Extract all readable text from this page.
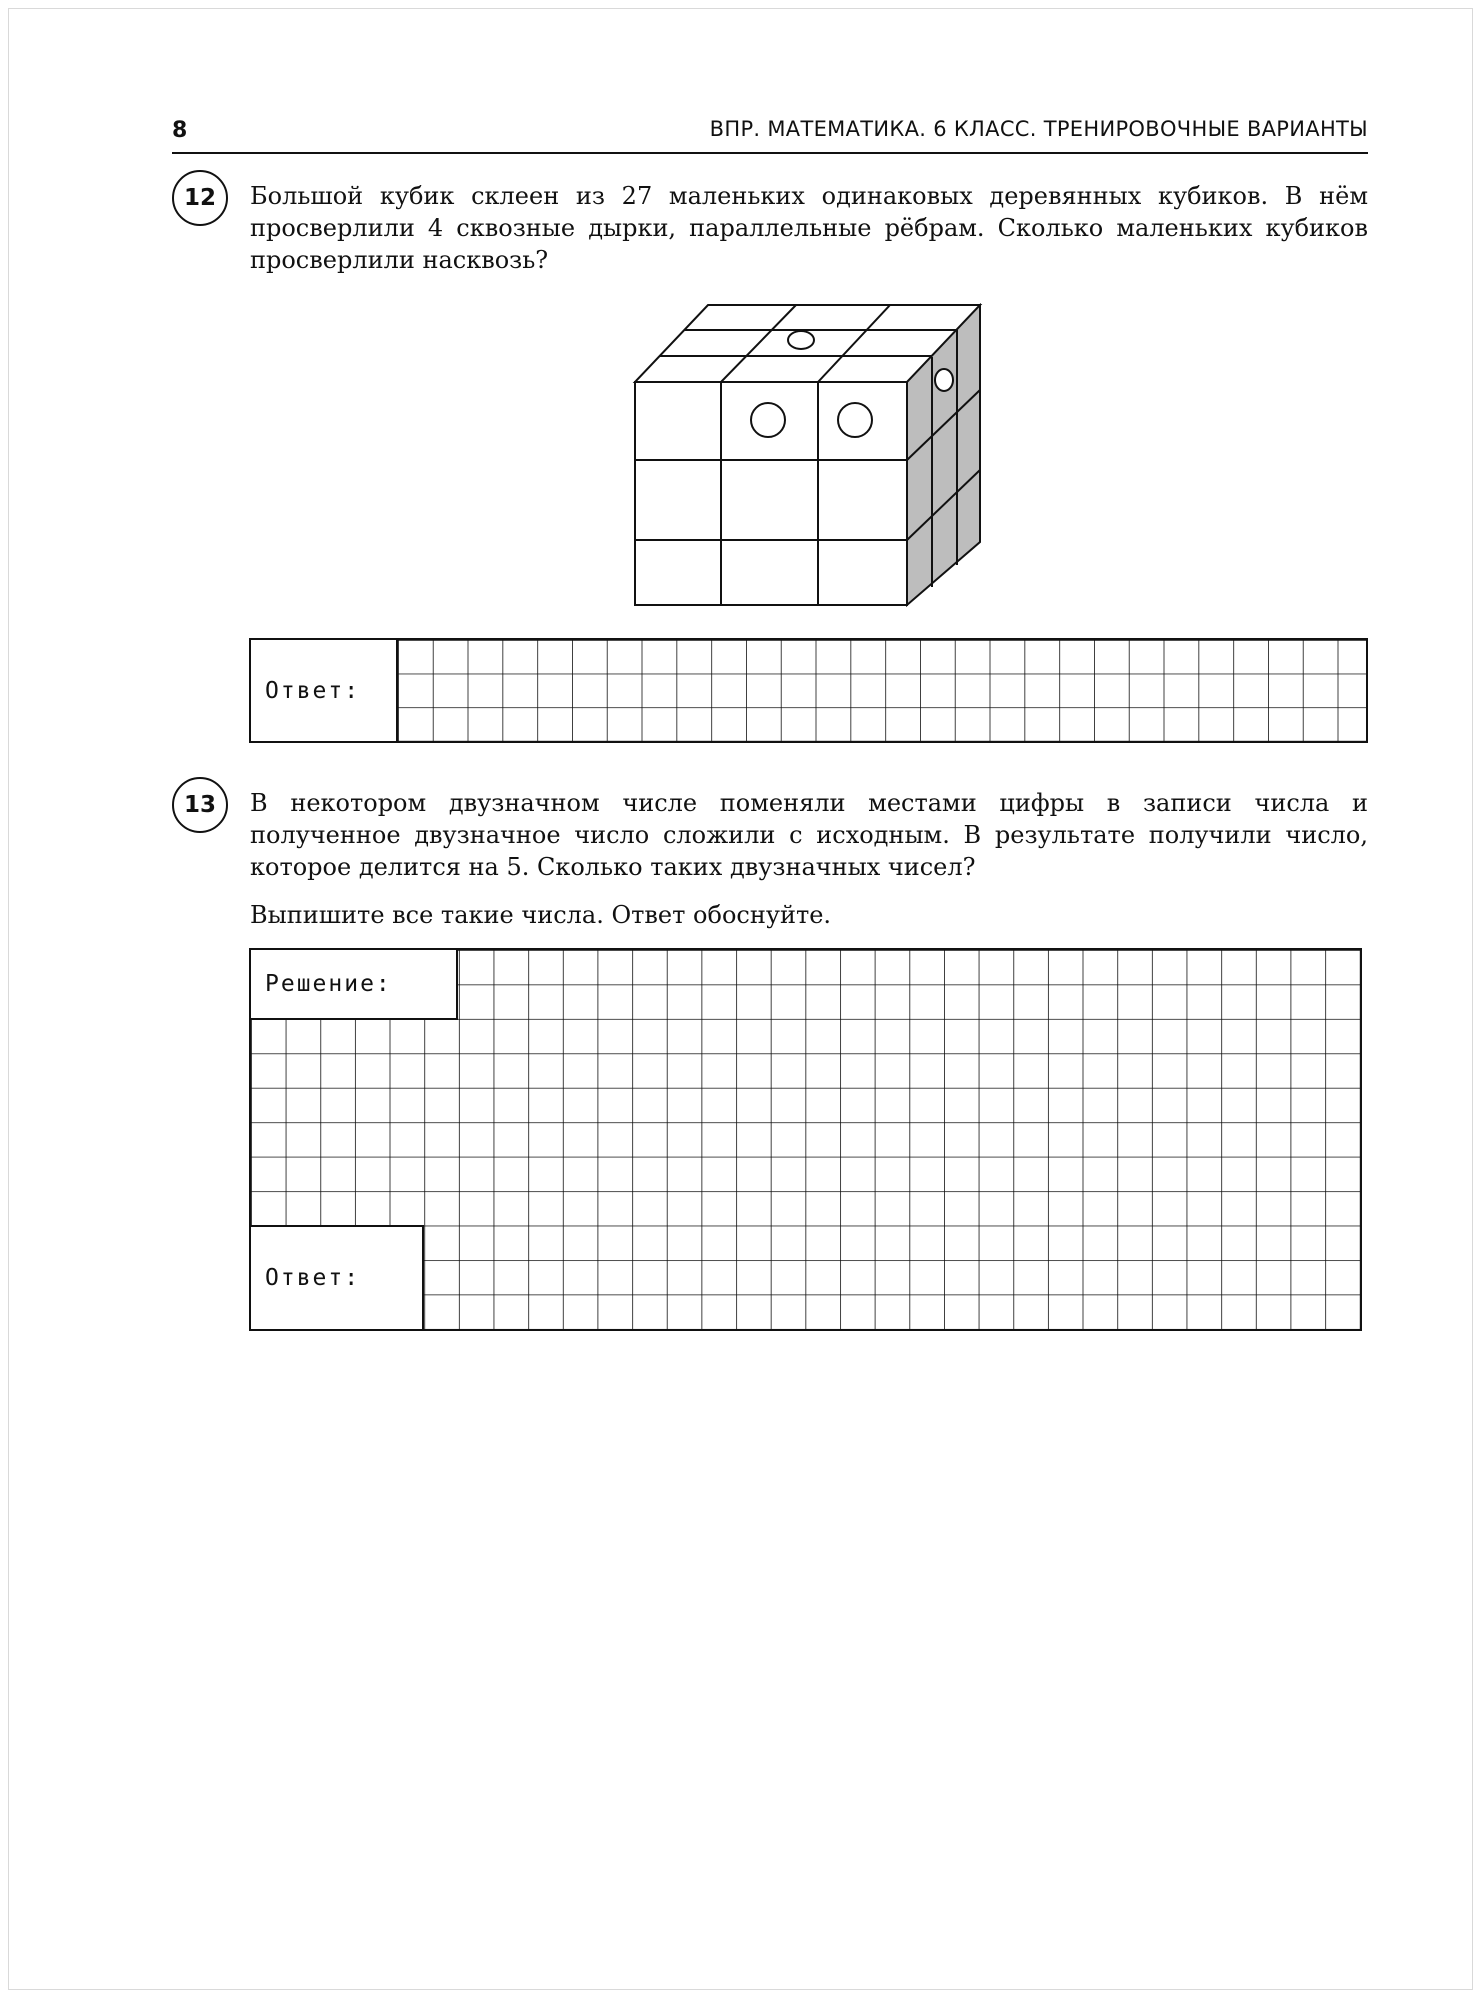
8	ВПР. МАТЕМАТИКА. 6 КЛАСС. ТРЕНИРОВОЧНЫЕ ВАРИАНТЫ
12 Большой кубик склеен из 27 маленьких одинаковых деревянных кубиков. В нём просверлили 4 сквозные дырки, параллельные рёбрам. Сколько маленьких кубиков просверлили насквозь?

Ответ:
13 В некотором двузначном числе поменяли местами цифры в записи числа и полученное двузначное число сложили с исходным. В результате получили число, которое делится на 5. Сколько таких двузначных чисел?

Выпишите все такие числа. Ответ обоснуйте.

Решение:
Ответ:
